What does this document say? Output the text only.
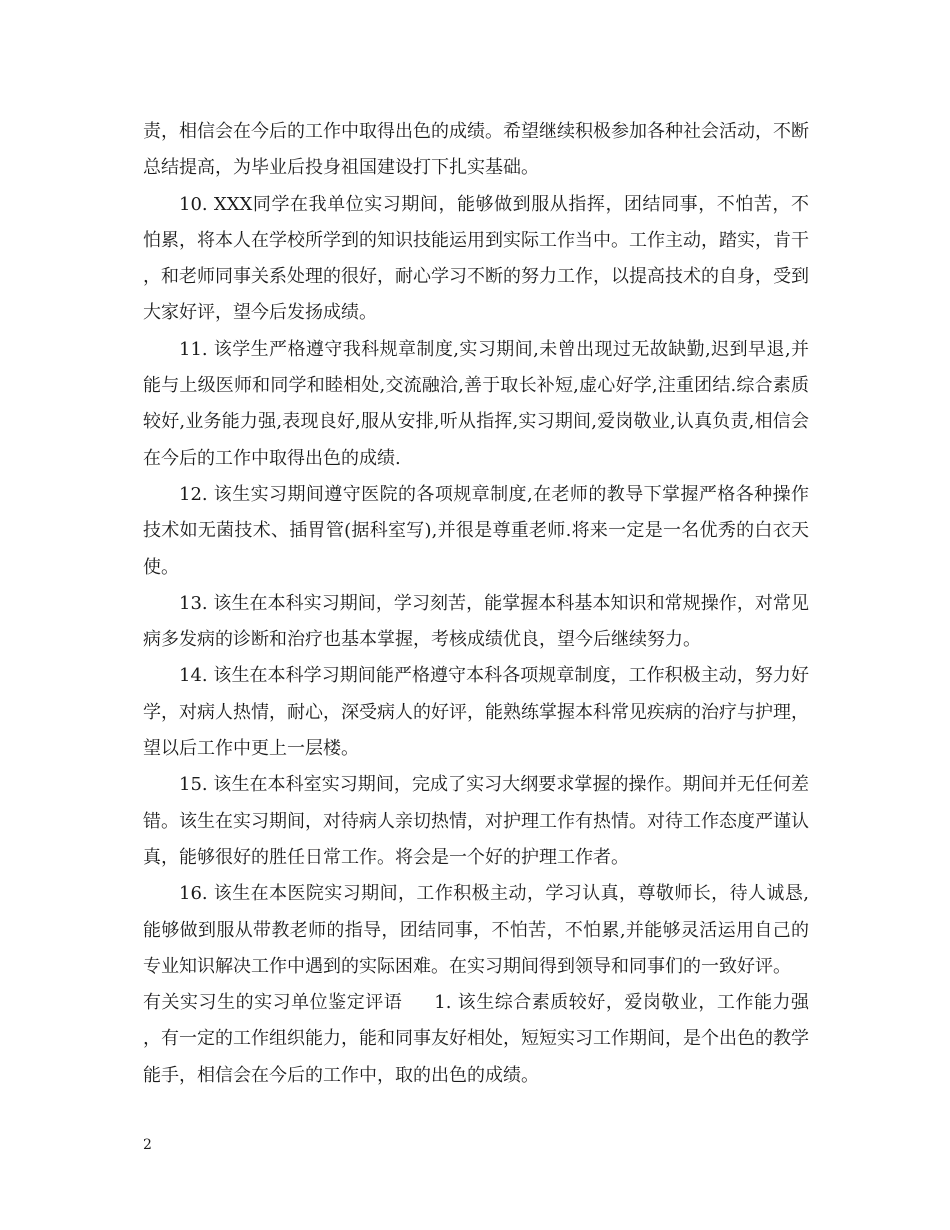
责，相信会在今后的工作中取得出色的成绩。希望继续积极参加各种社会活动，不断总结提高，为毕业后投身祖国建设打下扎实基础。

10. XXX同学在我单位实习期间，能够做到服从指挥，团结同事，不怕苦，不怕累，将本人在学校所学到的知识技能运用到实际工作当中。工作主动，踏实，肯干，和老师同事关系处理的很好，耐心学习不断的努力工作，以提高技术的自身，受到大家好评，望今后发扬成绩。

11. 该学生严格遵守我科规章制度,实习期间,未曾出现过无故缺勤,迟到早退,并能与上级医师和同学和睦相处,交流融洽,善于取长补短,虚心好学,注重团结.综合素质较好,业务能力强,表现良好,服从安排,听从指挥,实习期间,爱岗敬业,认真负责,相信会在今后的工作中取得出色的成绩.

12. 该生实习期间遵守医院的各项规章制度,在老师的教导下掌握严格各种操作技术如无菌技术、插胃管(据科室写),并很是尊重老师.将来一定是一名优秀的白衣天使。

13. 该生在本科实习期间，学习刻苦，能掌握本科基本知识和常规操作，对常见病多发病的诊断和治疗也基本掌握，考核成绩优良，望今后继续努力。

14. 该生在本科学习期间能严格遵守本科各项规章制度，工作积极主动，努力好学，对病人热情，耐心，深受病人的好评，能熟练掌握本科常见疾病的治疗与护理，望以后工作中更上一层楼。

15. 该生在本科室实习期间，完成了实习大纲要求掌握的操作。期间并无任何差错。该生在实习期间，对待病人亲切热情，对护理工作有热情。对待工作态度严谨认真，能够很好的胜任日常工作。将会是一个好的护理工作者。

16. 该生在本医院实习期间，工作积极主动，学习认真，尊敬师长，待人诚恳,能够做到服从带教老师的指导，团结同事，不怕苦，不怕累,并能够灵活运用自己的专业知识解决工作中遇到的实际困难。在实习期间得到领导和同事们的一致好评。

有关实习生的实习单位鉴定评语 1. 该生综合素质较好，爱岗敬业，工作能力强，有一定的工作组织能力，能和同事友好相处，短短实习工作期间，是个出色的教学能手，相信会在今后的工作中，取的出色的成绩。

2
